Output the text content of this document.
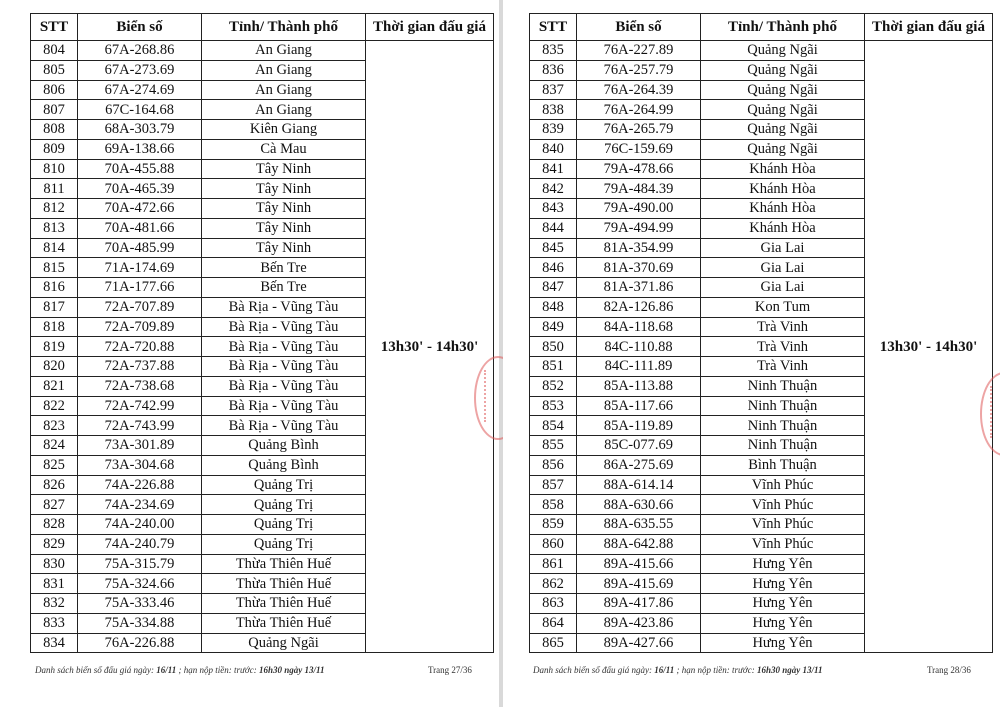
STT	Biển số	Tỉnh/ Thành phố	Thời gian đấu giá
804	67A-268.86	An Giang	13h30' - 14h30'
805	67A-273.69	An Giang	
806	67A-274.69	An Giang	
807	67C-164.68	An Giang	
808	68A-303.79	Kiên Giang	
809	69A-138.66	Cà Mau	
810	70A-455.88	Tây Ninh	
811	70A-465.39	Tây Ninh	
812	70A-472.66	Tây Ninh	
813	70A-481.66	Tây Ninh	
814	70A-485.99	Tây Ninh	
815	71A-174.69	Bến Tre	
816	71A-177.66	Bến Tre	
817	72A-707.89	Bà Rịa - Vũng Tàu	
818	72A-709.89	Bà Rịa - Vũng Tàu	
819	72A-720.88	Bà Rịa - Vũng Tàu	
820	72A-737.88	Bà Rịa - Vũng Tàu	
821	72A-738.68	Bà Rịa - Vũng Tàu	
822	72A-742.99	Bà Rịa - Vũng Tàu	
823	72A-743.99	Bà Rịa - Vũng Tàu	
824	73A-301.89	Quảng Bình	
825	73A-304.68	Quảng Bình	
826	74A-226.88	Quảng Trị	
827	74A-234.69	Quảng Trị	
828	74A-240.00	Quảng Trị	
829	74A-240.79	Quảng Trị	
830	75A-315.79	Thừa Thiên Huế	
831	75A-324.66	Thừa Thiên Huế	
832	75A-333.46	Thừa Thiên Huế	
833	75A-334.88	Thừa Thiên Huế	
834	76A-226.88	Quảng Ngãi	
Danh sách biển số đấu giá ngày: 16/11 ; hạn nộp tiền: trước: 16h30 ngày 13/11	Trang 27/36
STT	Biển số	Tỉnh/ Thành phố	Thời gian đấu giá
835	76A-227.89	Quảng Ngãi	13h30' - 14h30'
836	76A-257.79	Quảng Ngãi	
837	76A-264.39	Quảng Ngãi	
838	76A-264.99	Quảng Ngãi	
839	76A-265.79	Quảng Ngãi	
840	76C-159.69	Quảng Ngãi	
841	79A-478.66	Khánh Hòa	
842	79A-484.39	Khánh Hòa	
843	79A-490.00	Khánh Hòa	
844	79A-494.99	Khánh Hòa	
845	81A-354.99	Gia Lai	
846	81A-370.69	Gia Lai	
847	81A-371.86	Gia Lai	
848	82A-126.86	Kon Tum	
849	84A-118.68	Trà Vinh	
850	84C-110.88	Trà Vinh	
851	84C-111.89	Trà Vinh	
852	85A-113.88	Ninh Thuận	
853	85A-117.66	Ninh Thuận	
854	85A-119.89	Ninh Thuận	
855	85C-077.69	Ninh Thuận	
856	86A-275.69	Bình Thuận	
857	88A-614.14	Vĩnh Phúc	
858	88A-630.66	Vĩnh Phúc	
859	88A-635.55	Vĩnh Phúc	
860	88A-642.88	Vĩnh Phúc	
861	89A-415.66	Hưng Yên	
862	89A-415.69	Hưng Yên	
863	89A-417.86	Hưng Yên	
864	89A-423.86	Hưng Yên	
865	89A-427.66	Hưng Yên	
Danh sách biển số đấu giá ngày: 16/11 ; hạn nộp tiền: trước: 16h30 ngày 13/11	Trang 28/36
